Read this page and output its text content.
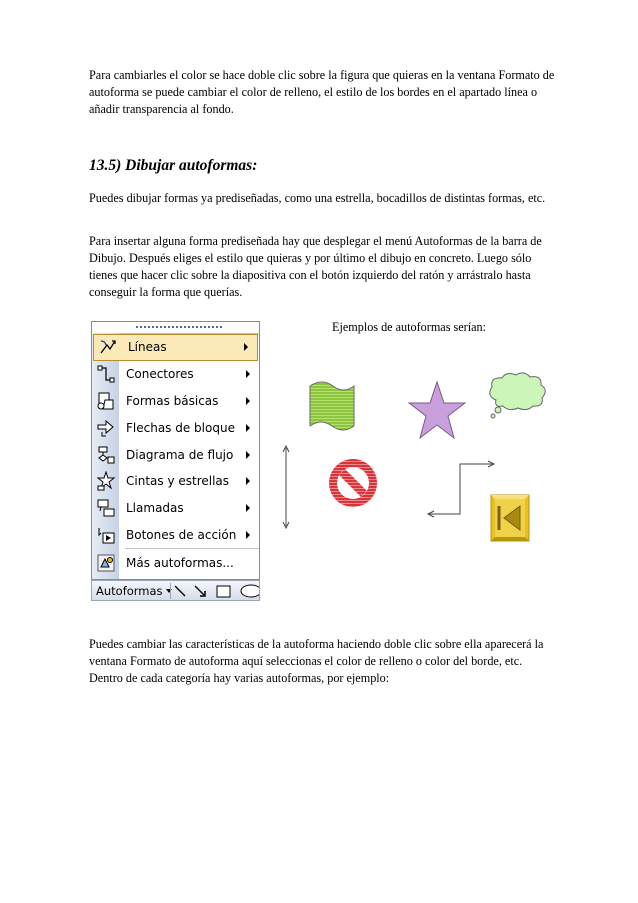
Para cambiarles el color se hace doble clic sobre la figura que quieras en la ventana Formato de autoforma se puede cambiar el color de relleno, el estilo de los bordes en el apartado línea o añadir transparencia al fondo.

13.5) Dibujar autoformas:

Puedes dibujar formas ya prediseñadas, como una estrella, bocadillos de distintas formas, etc.

Para insertar alguna forma prediseñada hay que desplegar el menú Autoformas de la barra de Dibujo. Después eliges el estilo que quieras y por último el dibujo en concreto. Luego sólo tienes que hacer clic sobre la diapositiva con el botón izquierdo del ratón y arrástralo hasta conseguir la forma que querías.

Líneas
Conectores
Formas básicas
Flechas de bloque
Diagrama de flujo
Cintas y estrellas
Llamadas
Botones de acción
Más autoformas...
Autoformas
Ejemplos de autoformas serían:

Puedes cambiar las características de la autoforma haciendo doble clic sobre ella aparecerá la ventana Formato de autoforma aquí seleccionas el color de relleno o color del borde, etc. Dentro de cada categoría hay varias autoformas, por ejemplo:
